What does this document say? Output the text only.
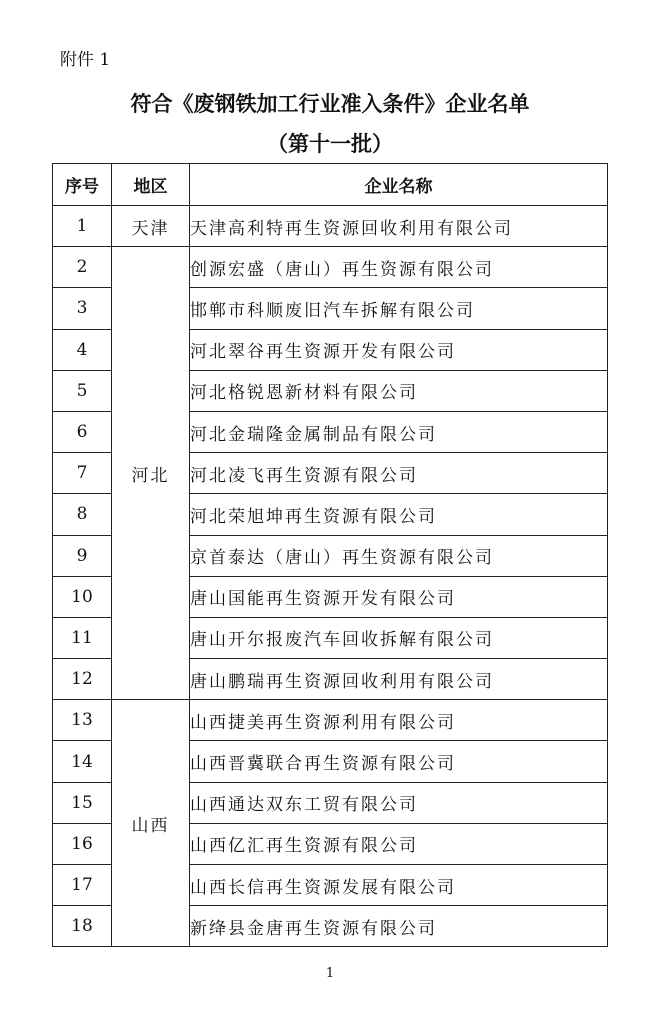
附件 1
符合《废钢铁加工行业准入条件》企业名单
（第十一批）
序号	地区	企业名称
1	天津	天津高利特再生资源回收利用有限公司
2	河北	创源宏盛（唐山）再生资源有限公司
3		邯郸市科顺废旧汽车拆解有限公司
4		河北翠谷再生资源开发有限公司
5		河北格锐恩新材料有限公司
6		河北金瑞隆金属制品有限公司
7		河北凌飞再生资源有限公司
8		河北荣旭坤再生资源有限公司
9		京首泰达（唐山）再生资源有限公司
10		唐山国能再生资源开发有限公司
11		唐山开尔报废汽车回收拆解有限公司
12		唐山鹏瑞再生资源回收利用有限公司
13	山西	山西捷美再生资源利用有限公司
14		山西晋冀联合再生资源有限公司
15		山西通达双东工贸有限公司
16		山西亿汇再生资源有限公司
17		山西长信再生资源发展有限公司
18		新绛县金唐再生资源有限公司
1
